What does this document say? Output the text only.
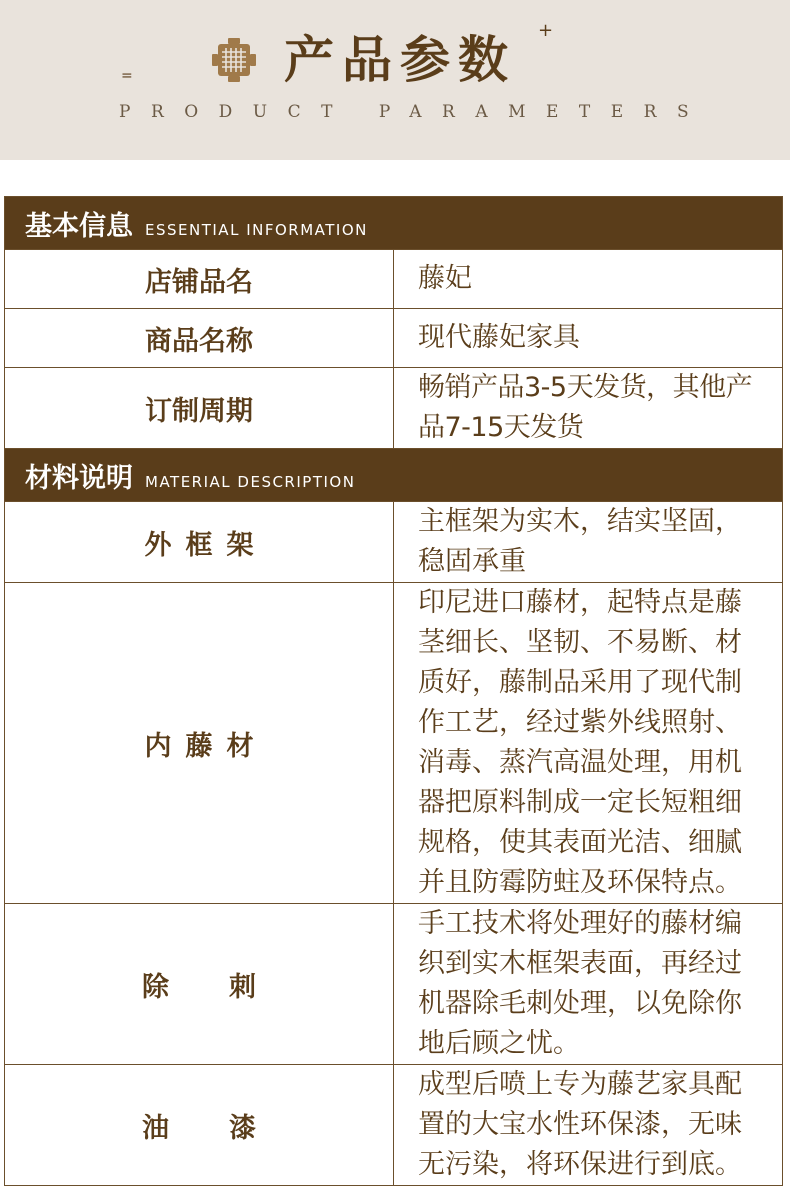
产品参数 +
=
PRODUCT PARAMETERS
基本信息 ESSENTIAL INFORMATION	
店铺品名	藤妃
商品名称	现代藤妃家具
订制周期	畅销产品3-5天发货，其他产品7-15天发货
材料说明 MATERIAL DESCRIPTION	
外框架	主框架为实木，结实坚固，稳固承重
内藤材	印尼进口藤材，起特点是藤茎细长、坚韧、不易断、材质好，藤制品采用了现代制作工艺，经过紫外线照射、消毒、蒸汽高温处理，用机器把原料制成一定长短粗细规格，使其表面光洁、细腻并且防霉防蛀及环保特点。
除刺	手工技术将处理好的藤材编织到实木框架表面，再经过机器除毛刺处理，以免除你地后顾之忧。
油漆	成型后喷上专为藤艺家具配置的大宝水性环保漆，无味无污染，将环保进行到底。
